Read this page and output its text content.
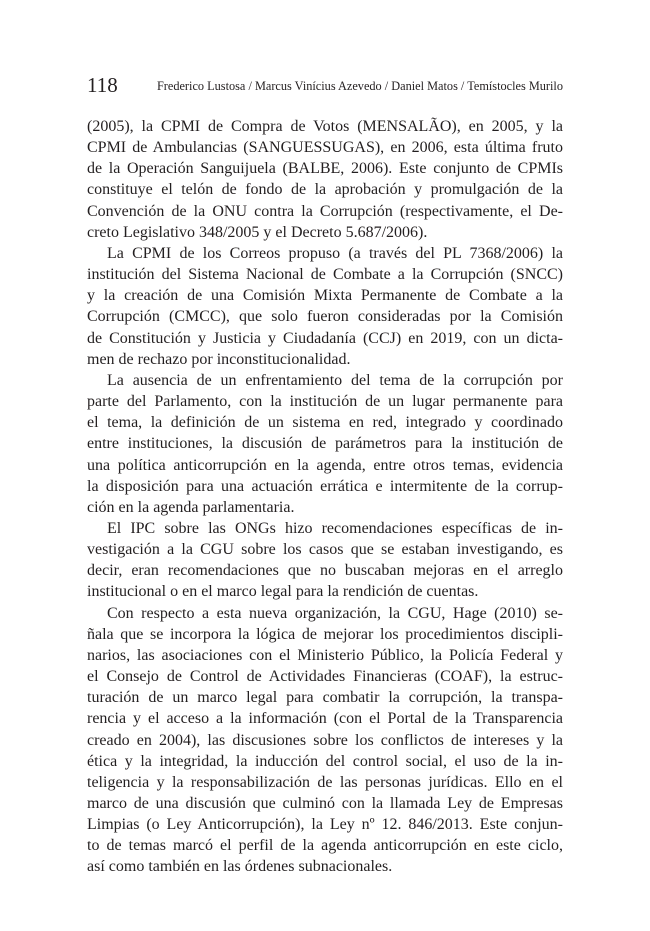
118	Frederico Lustosa / Marcus Vinícius Azevedo / Daniel Matos / Temístocles Murilo

(2005), la CPMI de Compra de Votos (MENSALÃO), en 2005, y la
CPMI de Ambulancias (SANGUESSUGAS), en 2006, esta última fruto
de la Operación Sanguijuela (BALBE, 2006). Este conjunto de CPMIs
constituye el telón de fondo de la aprobación y promulgación de la
Convención de la ONU contra la Corrupción (respectivamente, el De-
creto Legislativo 348/2005 y el Decreto 5.687/2006).

La CPMI de los Correos propuso (a través del PL 7368/2006) la
institución del Sistema Nacional de Combate a la Corrupción (SNCC)
y la creación de una Comisión Mixta Permanente de Combate a la
Corrupción (CMCC), que solo fueron consideradas por la Comisión
de Constitución y Justicia y Ciudadanía (CCJ) en 2019, con un dicta-
men de rechazo por inconstitucionalidad.

La ausencia de un enfrentamiento del tema de la corrupción por
parte del Parlamento, con la institución de un lugar permanente para
el tema, la definición de un sistema en red, integrado y coordinado
entre instituciones, la discusión de parámetros para la institución de
una política anticorrupción en la agenda, entre otros temas, evidencia
la disposición para una actuación errática e intermitente de la corrup-
ción en la agenda parlamentaria.

El IPC sobre las ONGs hizo recomendaciones específicas de in-
vestigación a la CGU sobre los casos que se estaban investigando, es
decir, eran recomendaciones que no buscaban mejoras en el arreglo
institucional o en el marco legal para la rendición de cuentas.

Con respecto a esta nueva organización, la CGU, Hage (2010) se-
ñala que se incorpora la lógica de mejorar los procedimientos discipli-
narios, las asociaciones con el Ministerio Público, la Policía Federal y
el Consejo de Control de Actividades Financieras (COAF), la estruc-
turación de un marco legal para combatir la corrupción, la transpa-
rencia y el acceso a la información (con el Portal de la Transparencia
creado en 2004), las discusiones sobre los conflictos de intereses y la
ética y la integridad, la inducción del control social, el uso de la in-
teligencia y la responsabilización de las personas jurídicas. Ello en el
marco de una discusión que culminó con la llamada Ley de Empresas
Limpias (o Ley Anticorrupción), la Ley nº 12. 846/2013. Este conjun-
to de temas marcó el perfil de la agenda anticorrupción en este ciclo,
así como también en las órdenes subnacionales.
